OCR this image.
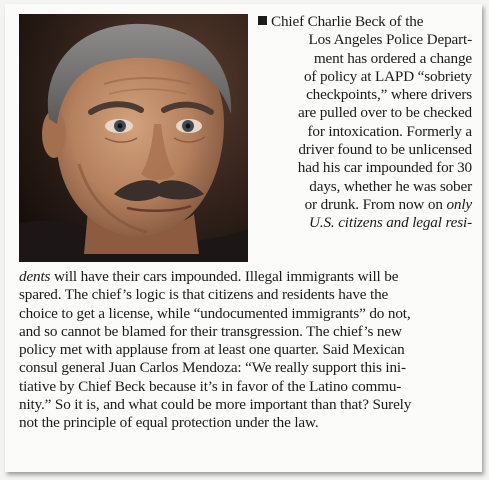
Chief Charlie Beck of the
Los Angeles Police Depart-
ment has ordered a change
of policy at LAPD “sobriety
checkpoints,” where drivers
are pulled over to be checked
for intoxication. Formerly a
driver found to be unlicensed
had his car impounded for 30
days, whether he was sober
or drunk. From now on only
U.S. citizens and legal resi-
dents will have their cars impounded. Illegal immigrants will be
spared. The chief’s logic is that citizens and residents have the
choice to get a license, while “undocumented immigrants” do not,
and so cannot be blamed for their transgression. The chief’s new
policy met with applause from at least one quarter. Said Mexican
consul general Juan Carlos Mendoza: “We really support this ini-
tiative by Chief Beck because it’s in favor of the Latino commu-
nity.” So it is, and what could be more important than that? Surely
not the principle of equal protection under the law.
